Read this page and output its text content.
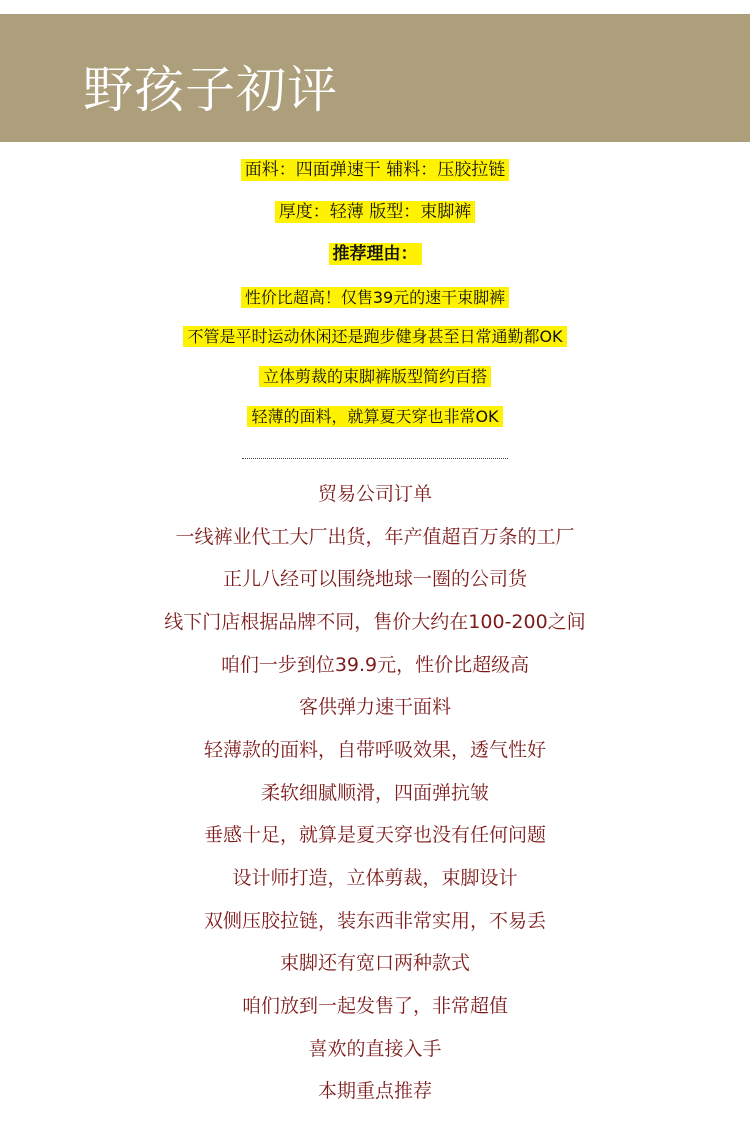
野孩子初评
面料：四面弹速干 辅料：压胶拉链
厚度：轻薄 版型：束脚裤
推荐理由：
性价比超高！仅售39元的速干束脚裤
不管是平时运动休闲还是跑步健身甚至日常通勤都OK
立体剪裁的束脚裤版型简约百搭
轻薄的面料，就算夏天穿也非常OK
贸易公司订单
一线裤业代工大厂出货，年产值超百万条的工厂
正儿八经可以围绕地球一圈的公司货
线下门店根据品牌不同，售价大约在100-200之间
咱们一步到位39.9元，性价比超级高
客供弹力速干面料
轻薄款的面料，自带呼吸效果，透气性好
柔软细腻顺滑，四面弹抗皱
垂感十足，就算是夏天穿也没有任何问题
设计师打造，立体剪裁，束脚设计
双侧压胶拉链，装东西非常实用，不易丢
束脚还有宽口两种款式
咱们放到一起发售了，非常超值
喜欢的直接入手
本期重点推荐
